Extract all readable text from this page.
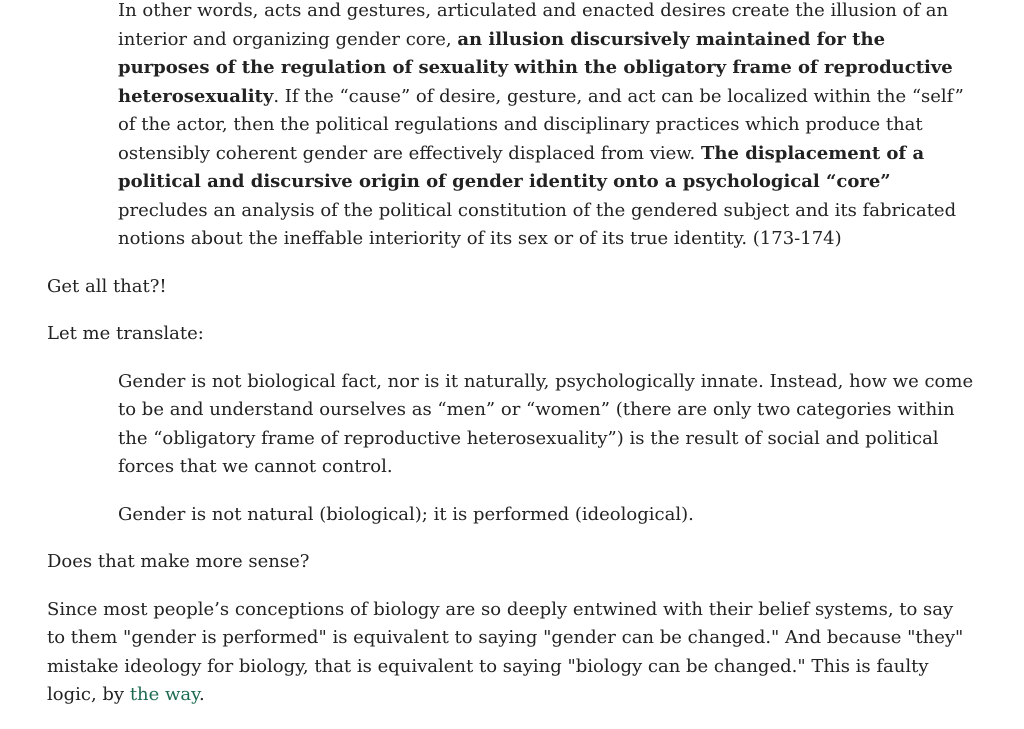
In other words, acts and gestures, articulated and enacted desires create the illusion of an interior and organizing gender core, an illusion discursively maintained for the purposes of the regulation of sexuality within the obligatory frame of reproductive heterosexuality. If the “cause” of desire, gesture, and act can be localized within the “self” of the actor, then the political regulations and disciplinary practices which produce that ostensibly coherent gender are effectively displaced from view. The displacement of a political and discursive origin of gender identity onto a psychological “core” precludes an analysis of the political constitution of the gendered subject and its fabricated notions about the ineffable interiority of its sex or of its true identity. (173-174)

Get all that?!

Let me translate:

Gender is not biological fact, nor is it naturally, psychologically innate. Instead, how we come to be and understand ourselves as “men” or “women” (there are only two categories within the “obligatory frame of reproductive heterosexuality”) is the result of social and political forces that we cannot control.

Gender is not natural (biological); it is performed (ideological).

Does that make more sense?

Since most people’s conceptions of biology are so deeply entwined with their belief systems, to say to them "gender is performed" is equivalent to saying "gender can be changed." And because "they" mistake ideology for biology, that is equivalent to saying "biology can be changed." This is faulty logic, by the way.
